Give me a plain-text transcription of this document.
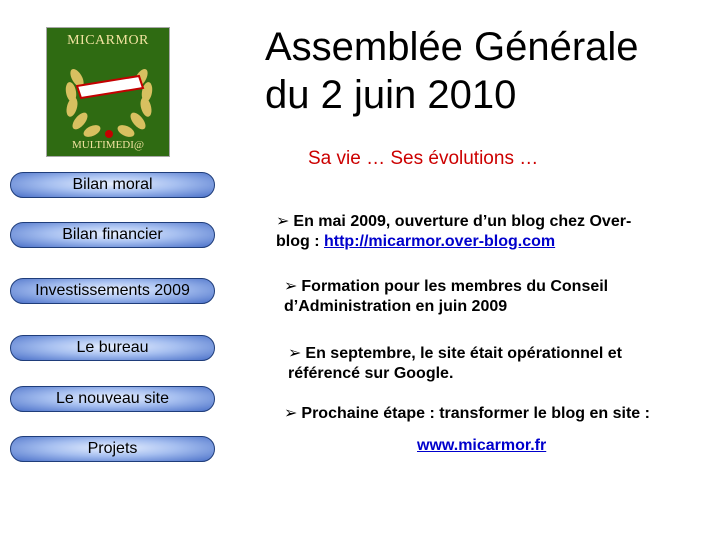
MICARMOR
MULTIMEDI@
Assemblée Générale
du 2 juin 2010
Sa vie … Ses évolutions …
Bilan moral
Bilan financier
Investissements 2009
Le bureau
Le nouveau site
Projets
➢ En mai 2009, ouverture d’un blog chez Over-
blog : http://micarmor.over-blog.com
➢ Formation pour les membres du Conseil
d’Administration en juin 2009
➢ En septembre, le site était opérationnel et
référencé sur Google.
➢ Prochaine étape : transformer le blog en site :
www.micarmor.fr
